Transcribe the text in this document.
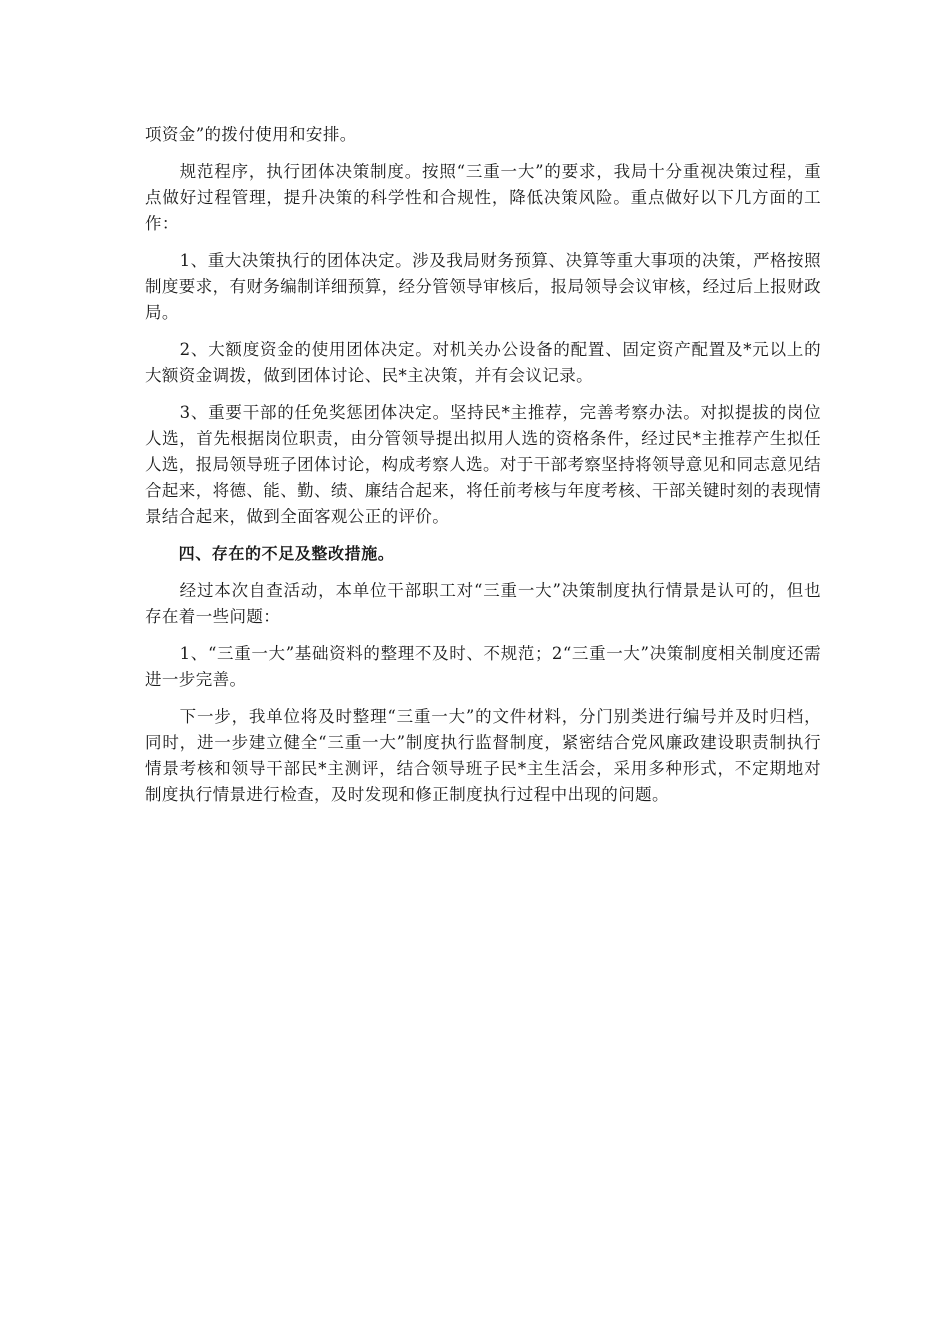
项资金”的拨付使用和安排。

规范程序，执行团体决策制度。按照“三重一大”的要求，我局十分重视决策过程，重点做好过程管理，提升决策的科学性和合规性，降低决策风险。重点做好以下几方面的工作：

1、重大决策执行的团体决定。涉及我局财务预算、决算等重大事项的决策，严格按照制度要求，有财务编制详细预算，经分管领导审核后，报局领导会议审核，经过后上报财政局。

2、大额度资金的使用团体决定。对机关办公设备的配置、固定资产配置及*元以上的大额资金调拨，做到团体讨论、民*主决策，并有会议记录。

3、重要干部的任免奖惩团体决定。坚持民*主推荐，完善考察办法。对拟提拔的岗位人选，首先根据岗位职责，由分管领导提出拟用人选的资格条件，经过民*主推荐产生拟任人选，报局领导班子团体讨论，构成考察人选。对于干部考察坚持将领导意见和同志意见结合起来，将德、能、勤、绩、廉结合起来，将任前考核与年度考核、干部关键时刻的表现情景结合起来，做到全面客观公正的评价。

四、存在的不足及整改措施。

经过本次自查活动，本单位干部职工对“三重一大”决策制度执行情景是认可的，但也存在着一些问题：

1、“三重一大”基础资料的整理不及时、不规范；2“三重一大”决策制度相关制度还需进一步完善。

下一步，我单位将及时整理“三重一大”的文件材料，分门别类进行编号并及时归档，同时，进一步建立健全“三重一大”制度执行监督制度，紧密结合党风廉政建设职责制执行情景考核和领导干部民*主测评，结合领导班子民*主生活会，采用多种形式，不定期地对制度执行情景进行检查，及时发现和修正制度执行过程中出现的问题。
